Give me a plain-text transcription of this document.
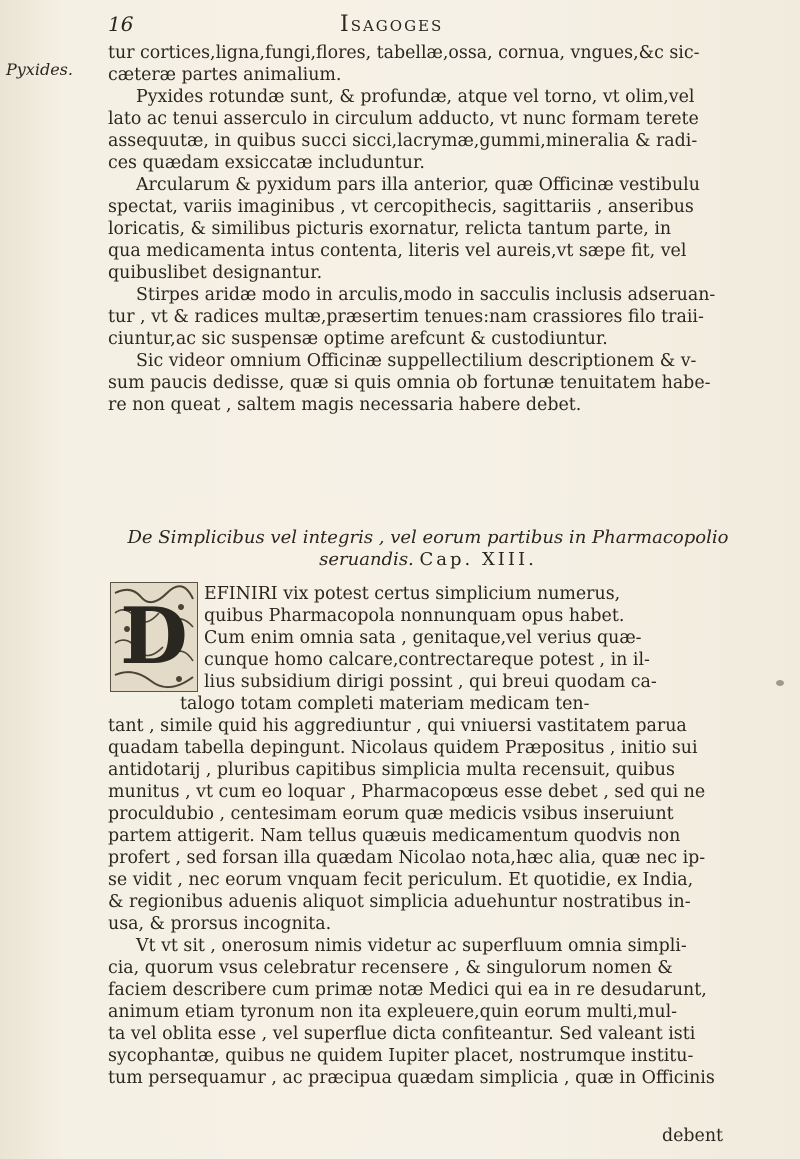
16	Isagoges
Pyxides.

tur cortices,ligna,fungi,flores, tabellæ,ossa, cornua, vngues,&c sic-

cæteræ partes animalium.

Pyxides rotundæ sunt, & profundæ, atque vel torno, vt olim,vel

lato ac tenui asserculo in circulum adducto, vt nunc formam terete

assequutæ, in quibus succi sicci,lacrymæ,gummi,mineralia & radi-

ces quædam exsiccatæ includuntur.

Arcularum & pyxidum pars illa anterior, quæ Officinæ vestibulu

spectat, variis imaginibus , vt cercopithecis, sagittariis , anseribus

loricatis, & similibus picturis exornatur, relicta tantum parte, in

qua medicamenta intus contenta, literis vel aureis,vt sæpe fit, vel

quibuslibet designantur.

Stirpes aridæ modo in arculis,modo in sacculis inclusis adseruan-

tur , vt & radices multæ,præsertim tenues:nam crassiores filo traii-

ciuntur,ac sic suspensæ optime arefcunt & custodiuntur.

Sic videor omnium Officinæ suppellectilium descriptionem & v-

sum paucis dedisse, quæ si quis omnia ob fortunæ tenuitatem habe-

re non queat , saltem magis necessaria habere debet.

De Simplicibus vel integris , vel eorum partibus in Pharmacopolio
seruandis. Cap. XIII.
D EFINIRI vix potest certus simplicium numerus,

quibus Pharmacopola nonnunquam opus habet.

Cum enim omnia sata , genitaque,vel verius quæ-

cunque homo calcare,contrectareque potest , in il-

lius subsidium dirigi possint , qui breui quodam ca-

talogo totam completi materiam medicam ten-

tant , simile quid his aggrediuntur , qui vniuersi vastitatem parua

quadam tabella depingunt. Nicolaus quidem Præpositus , initio sui

antidotarij , pluribus capitibus simplicia multa recensuit, quibus

munitus , vt cum eo loquar , Pharmacopœus esse debet , sed qui ne

proculdubio , centesimam eorum quæ medicis vsibus inseruiunt

partem attigerit. Nam tellus quæuis medicamentum quodvis non

profert , sed forsan illa quædam Nicolao nota,hæc alia, quæ nec ip-

se vidit , nec eorum vnquam fecit periculum. Et quotidie, ex India,

& regionibus aduenis aliquot simplicia aduehuntur nostratibus in-

usa, & prorsus incognita.

Vt vt sit , onerosum nimis videtur ac superfluum omnia simpli-

cia, quorum vsus celebratur recensere , & singulorum nomen &

faciem describere cum primæ notæ Medici qui ea in re desudarunt,

animum etiam tyronum non ita expleuere,quin eorum multi,mul-

ta vel oblita esse , vel superflue dicta confiteantur. Sed valeant isti

sycophantæ, quibus ne quidem Iupiter placet, nostrumque institu-

tum persequamur , ac præcipua quædam simplicia , quæ in Officinis

debent
